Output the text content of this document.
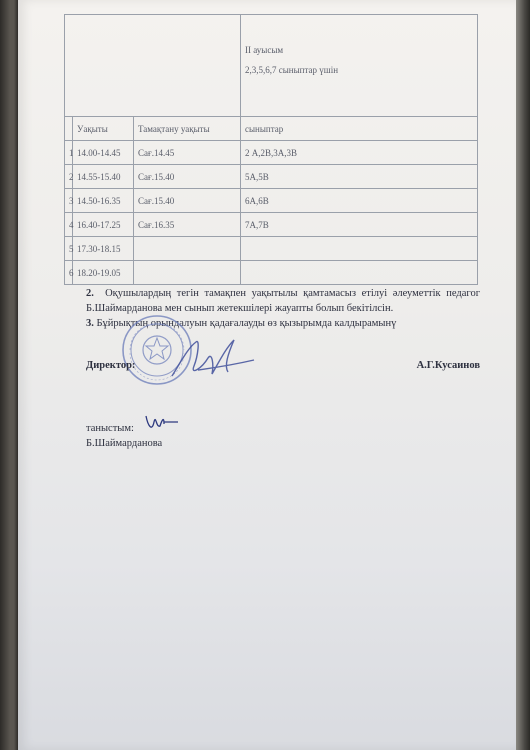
			II ауысым
2,3,5,6,7 сыныптар үшін

	Уақыты	Тамақтану уақыты	сыныптар
1	14.00-14.45	Сағ.14.45	2 А,2В,3А,3В
2	14.55-15.40	Сағ.15.40	5А,5В
3	14.50-16.35	Сағ.15.40	6А,6В
4	16.40-17.25	Сағ.16.35	7А,7В
5	17.30-18.15		
6	18.20-19.05		
2. Оқушылардың тегін тамақпен уақытылы қамтамасыз етілуі әлеуметтік педагог Б.Шаймарданова мен сынып жетекшілері жауапты болып бекітілсін.
3. Бұйрықтың орындалуын қадағалауды өз қызырымда калдырамынү
Директор:	А.Г.Кусаинов
таныстым:
Б.Шаймарданова
